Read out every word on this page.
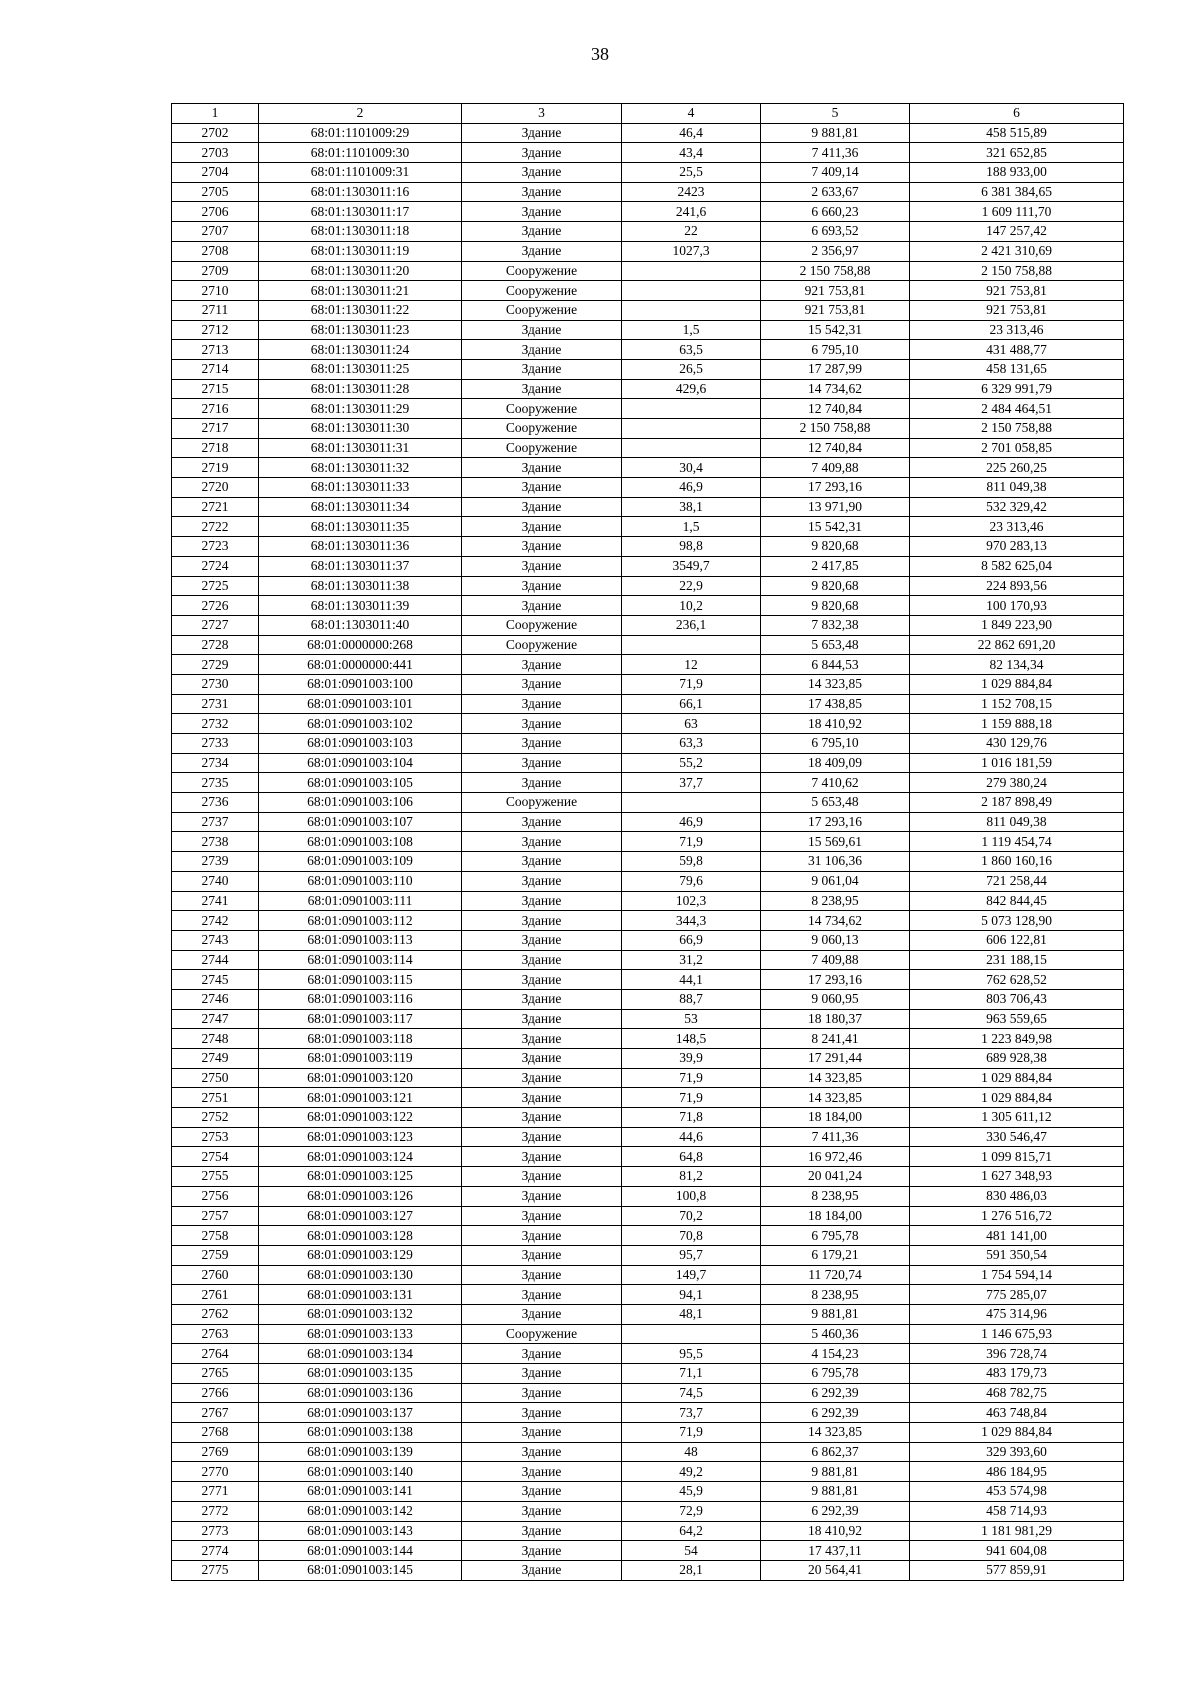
38
1	2	3	4	5	6
2702	68:01:1101009:29	Здание	46,4	9 881,81	458 515,89
2703	68:01:1101009:30	Здание	43,4	7 411,36	321 652,85
2704	68:01:1101009:31	Здание	25,5	7 409,14	188 933,00
2705	68:01:1303011:16	Здание	2423	2 633,67	6 381 384,65
2706	68:01:1303011:17	Здание	241,6	6 660,23	1 609 111,70
2707	68:01:1303011:18	Здание	22	6 693,52	147 257,42
2708	68:01:1303011:19	Здание	1027,3	2 356,97	2 421 310,69
2709	68:01:1303011:20	Сооружение		2 150 758,88	2 150 758,88
2710	68:01:1303011:21	Сооружение		921 753,81	921 753,81
2711	68:01:1303011:22	Сооружение		921 753,81	921 753,81
2712	68:01:1303011:23	Здание	1,5	15 542,31	23 313,46
2713	68:01:1303011:24	Здание	63,5	6 795,10	431 488,77
2714	68:01:1303011:25	Здание	26,5	17 287,99	458 131,65
2715	68:01:1303011:28	Здание	429,6	14 734,62	6 329 991,79
2716	68:01:1303011:29	Сооружение		12 740,84	2 484 464,51
2717	68:01:1303011:30	Сооружение		2 150 758,88	2 150 758,88
2718	68:01:1303011:31	Сооружение		12 740,84	2 701 058,85
2719	68:01:1303011:32	Здание	30,4	7 409,88	225 260,25
2720	68:01:1303011:33	Здание	46,9	17 293,16	811 049,38
2721	68:01:1303011:34	Здание	38,1	13 971,90	532 329,42
2722	68:01:1303011:35	Здание	1,5	15 542,31	23 313,46
2723	68:01:1303011:36	Здание	98,8	9 820,68	970 283,13
2724	68:01:1303011:37	Здание	3549,7	2 417,85	8 582 625,04
2725	68:01:1303011:38	Здание	22,9	9 820,68	224 893,56
2726	68:01:1303011:39	Здание	10,2	9 820,68	100 170,93
2727	68:01:1303011:40	Сооружение	236,1	7 832,38	1 849 223,90
2728	68:01:0000000:268	Сооружение		5 653,48	22 862 691,20
2729	68:01:0000000:441	Здание	12	6 844,53	82 134,34
2730	68:01:0901003:100	Здание	71,9	14 323,85	1 029 884,84
2731	68:01:0901003:101	Здание	66,1	17 438,85	1 152 708,15
2732	68:01:0901003:102	Здание	63	18 410,92	1 159 888,18
2733	68:01:0901003:103	Здание	63,3	6 795,10	430 129,76
2734	68:01:0901003:104	Здание	55,2	18 409,09	1 016 181,59
2735	68:01:0901003:105	Здание	37,7	7 410,62	279 380,24
2736	68:01:0901003:106	Сооружение		5 653,48	2 187 898,49
2737	68:01:0901003:107	Здание	46,9	17 293,16	811 049,38
2738	68:01:0901003:108	Здание	71,9	15 569,61	1 119 454,74
2739	68:01:0901003:109	Здание	59,8	31 106,36	1 860 160,16
2740	68:01:0901003:110	Здание	79,6	9 061,04	721 258,44
2741	68:01:0901003:111	Здание	102,3	8 238,95	842 844,45
2742	68:01:0901003:112	Здание	344,3	14 734,62	5 073 128,90
2743	68:01:0901003:113	Здание	66,9	9 060,13	606 122,81
2744	68:01:0901003:114	Здание	31,2	7 409,88	231 188,15
2745	68:01:0901003:115	Здание	44,1	17 293,16	762 628,52
2746	68:01:0901003:116	Здание	88,7	9 060,95	803 706,43
2747	68:01:0901003:117	Здание	53	18 180,37	963 559,65
2748	68:01:0901003:118	Здание	148,5	8 241,41	1 223 849,98
2749	68:01:0901003:119	Здание	39,9	17 291,44	689 928,38
2750	68:01:0901003:120	Здание	71,9	14 323,85	1 029 884,84
2751	68:01:0901003:121	Здание	71,9	14 323,85	1 029 884,84
2752	68:01:0901003:122	Здание	71,8	18 184,00	1 305 611,12
2753	68:01:0901003:123	Здание	44,6	7 411,36	330 546,47
2754	68:01:0901003:124	Здание	64,8	16 972,46	1 099 815,71
2755	68:01:0901003:125	Здание	81,2	20 041,24	1 627 348,93
2756	68:01:0901003:126	Здание	100,8	8 238,95	830 486,03
2757	68:01:0901003:127	Здание	70,2	18 184,00	1 276 516,72
2758	68:01:0901003:128	Здание	70,8	6 795,78	481 141,00
2759	68:01:0901003:129	Здание	95,7	6 179,21	591 350,54
2760	68:01:0901003:130	Здание	149,7	11 720,74	1 754 594,14
2761	68:01:0901003:131	Здание	94,1	8 238,95	775 285,07
2762	68:01:0901003:132	Здание	48,1	9 881,81	475 314,96
2763	68:01:0901003:133	Сооружение		5 460,36	1 146 675,93
2764	68:01:0901003:134	Здание	95,5	4 154,23	396 728,74
2765	68:01:0901003:135	Здание	71,1	6 795,78	483 179,73
2766	68:01:0901003:136	Здание	74,5	6 292,39	468 782,75
2767	68:01:0901003:137	Здание	73,7	6 292,39	463 748,84
2768	68:01:0901003:138	Здание	71,9	14 323,85	1 029 884,84
2769	68:01:0901003:139	Здание	48	6 862,37	329 393,60
2770	68:01:0901003:140	Здание	49,2	9 881,81	486 184,95
2771	68:01:0901003:141	Здание	45,9	9 881,81	453 574,98
2772	68:01:0901003:142	Здание	72,9	6 292,39	458 714,93
2773	68:01:0901003:143	Здание	64,2	18 410,92	1 181 981,29
2774	68:01:0901003:144	Здание	54	17 437,11	941 604,08
2775	68:01:0901003:145	Здание	28,1	20 564,41	577 859,91
